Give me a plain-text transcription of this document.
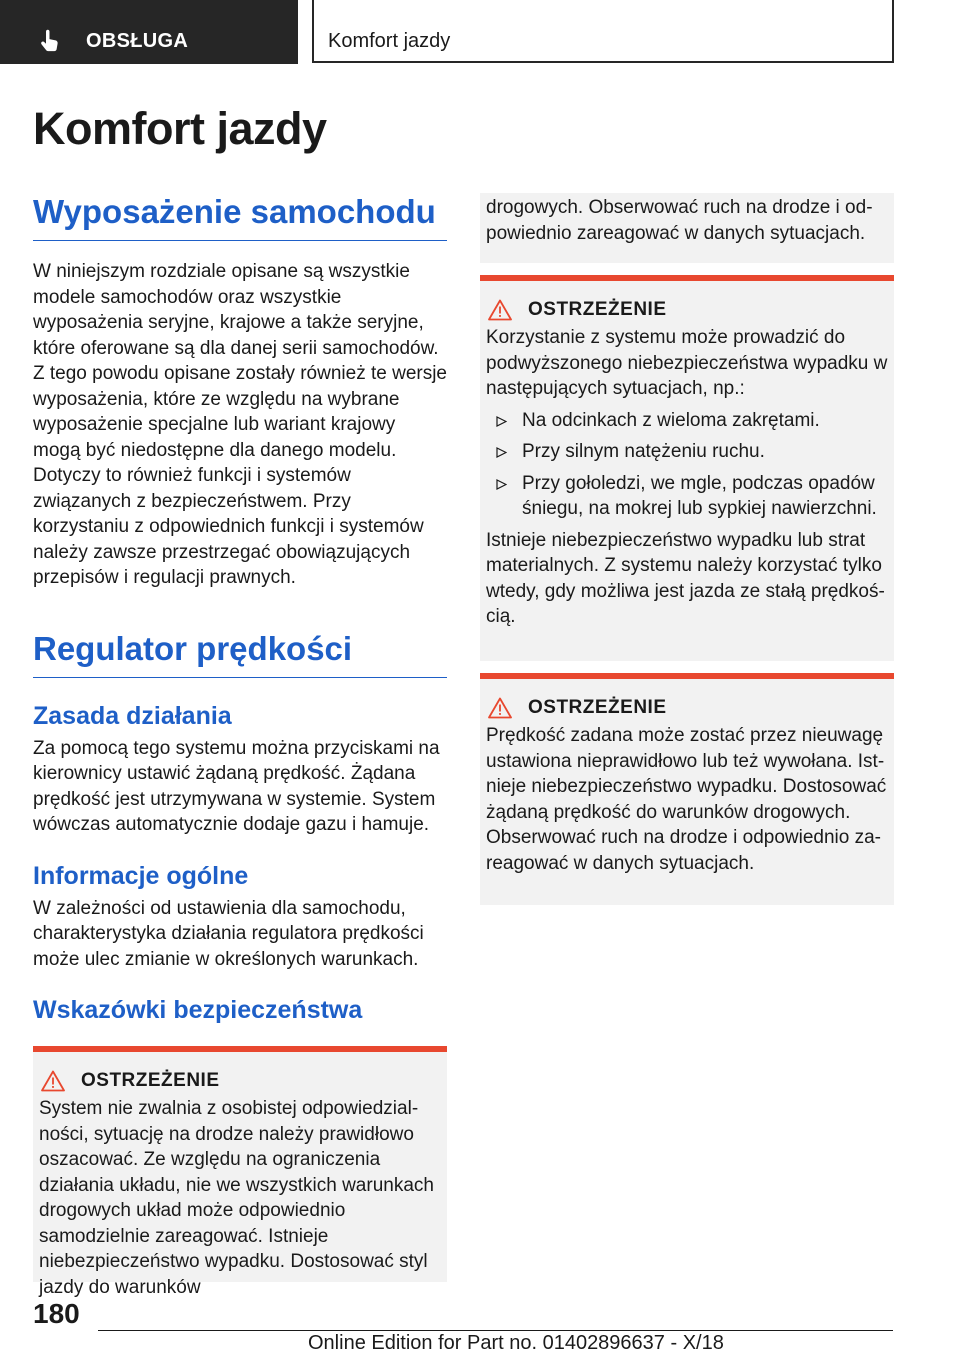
OBSŁUGA	Komfort jazdy
Komfort jazdy
Wyposażenie samochodu

W niniejszym rozdziale opisane są wszystkie modele samochodów oraz wszystkie wyposażenia seryjne, krajowe a także seryjne, które oferowane są dla danej serii samochodów. Z tego powodu opisane zostały również te wersje wyposażenia, które ze względu na wybrane wyposażenie specjalne lub wariant krajowy mogą być niedostępne dla danego modelu. Dotyczy to również funkcji i systemów związanych z bezpieczeństwem. Przy korzystaniu z odpowiednich funkcji i systemów należy zawsze przestrzegać obowiązujących przepisów i regulacji prawnych.

Regulator prędkości
Zasada działania

Za pomocą tego systemu można przyciskami na kierownicy ustawić żądaną prędkość. Żądana prędkość jest utrzymywana w systemie. System wówczas automatycznie dodaje gazu i hamuje.

Informacje ogólne

W zależności od ustawienia dla samochodu, charakterystyka działania regulatora prędkości może ulec zmianie w określonych warunkach.

Wskazówki bezpieczeństwa
OSTRZEŻENIE

System nie zwalnia z osobistej odpowiedzialności, sytuację na drodze należy prawidłowo oszacować. Ze względu na ograniczenia działania układu, nie we wszystkich warunkach drogowych układ może odpowiednio samodzielnie zareagować. Istnieje niebezpieczeństwo wypadku. Dostosować styl jazdy do warunków

drogowych. Obserwować ruch na drodze i odpowiednio zareagować w danych sytuacjach.

OSTRZEŻENIE

Korzystanie z systemu może prowadzić do podwyższonego niebezpieczeństwa wypadku w następujących sytuacjach, np.:

Na odcinkach z wieloma zakrętami.
Przy silnym natężeniu ruchu.
Przy gołoledzi, we mgle, podczas opadów śniegu, na mokrej lub sypkiej nawierzchni.

Istnieje niebezpieczeństwo wypadku lub strat materialnych. Z systemu należy korzystać tylko wtedy, gdy możliwa jest jazda ze stałą prędkością.

OSTRZEŻENIE

Prędkość zadana może zostać przez nieuwagę ustawiona nieprawidłowo lub też wywołana. Istnieje niebezpieczeństwo wypadku. Dostosować żądaną prędkość do warunków drogowych. Obserwować ruch na drodze i odpowiednio zareagować w danych sytuacjach.

180
Online Edition for Part no. 01402896637 - X/18
